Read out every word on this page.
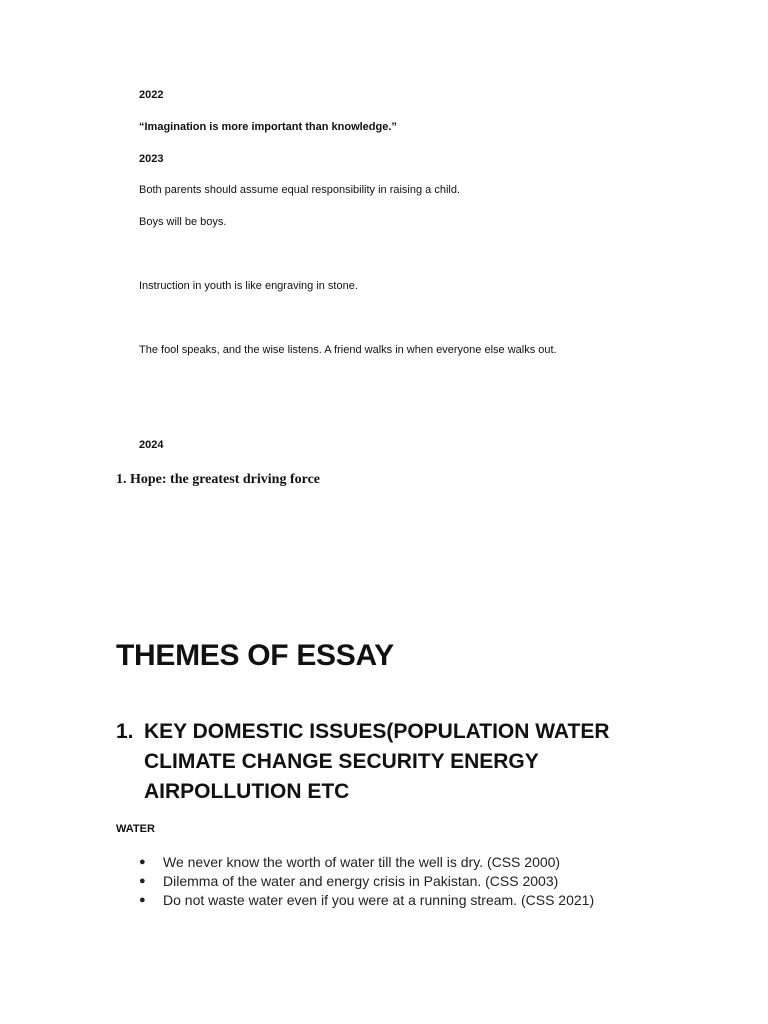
2022

“Imagination is more important than knowledge.”

2023

Both parents should assume equal responsibility in raising a child.

Boys will be boys.

Instruction in youth is like engraving in stone.

The fool speaks, and the wise listens. A friend walks in when everyone else walks out.

2024

1. Hope: the greatest driving force

THEMES OF ESSAY
1. KEY DOMESTIC ISSUES(POPULATION WATER
CLIMATE CHANGE SECURITY ENERGY
AIRPOLLUTION ETC

WATER

●	We never know the worth of water till the well is dry. (CSS 2000)
●	Dilemma of the water and energy crisis in Pakistan. (CSS 2003)
●	Do not waste water even if you were at a running stream. (CSS 2021)
